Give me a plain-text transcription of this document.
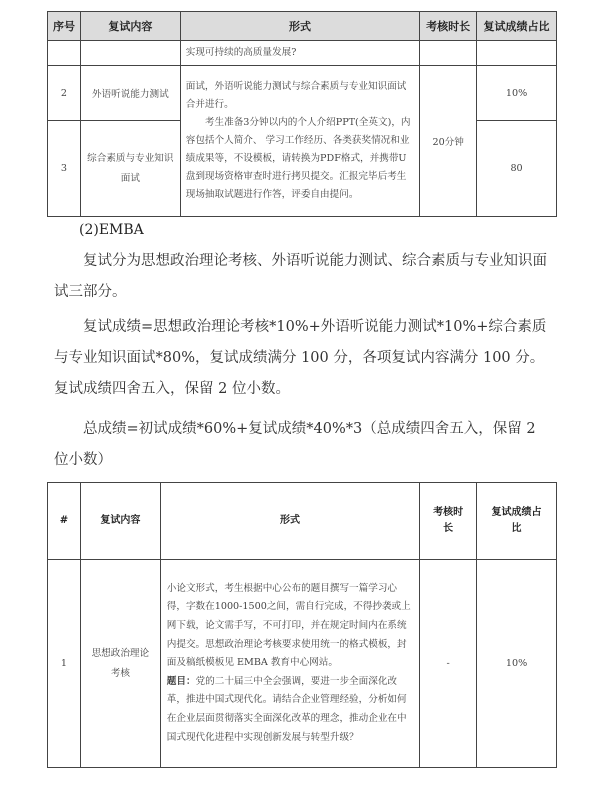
序号	复试内容	形式	考核时长	复试成绩占比
		实现可持续的高质量发展?		
2	外语听说能力测试	面试，外语听说能力测试与综合素质与专业知识面试合并进行。
考生准备3分钟以内的个人介绍PPT(全英文)，内容包括个人简介、 学习工作经历、各类获奖情况和业绩成果等，不设模板，请转换为PDF格式，并携带U盘到现场资格审查时进行拷贝提交。汇报完毕后考生现场抽取试题进行作答，评委自由提问。	20分钟	10%
3	综合素质与专业知识面试			80
(2)EMBA
复试分为思想政治理论考核、外语听说能力测试、综合素质与专业知识面试三部分。
复试成绩=思想政治理论考核*10%+外语听说能力测试*10%+综合素质与专业知识面试*80%，复试成绩满分 100 分，各项复试内容满分 100 分。复试成绩四舍五入，保留 2 位小数。
总成绩=初试成绩*60%+复试成绩*40%*3（总成绩四舍五入，保留 2 位小数）
#	复试内容	形式	考核时长	复试成绩占比
1	思想政治理论考核	小论文形式，考生根据中心公布的题目撰写一篇学习心得，字数在1000-1500之间，需自行完成，不得抄袭或上网下载，论文需手写，不可打印，并在规定时间内在系统内提交。思想政治理论考核要求使用统一的格式模板，封面及稿纸模板见 EMBA 教育中心网站。
题目：党的二十届三中全会强调，要进一步全面深化改革，推进中国式现代化。请结合企业管理经验，分析如何在企业层面贯彻落实全面深化改革的理念，推动企业在中国式现代化进程中实现创新发展与转型升级？	-	10%
